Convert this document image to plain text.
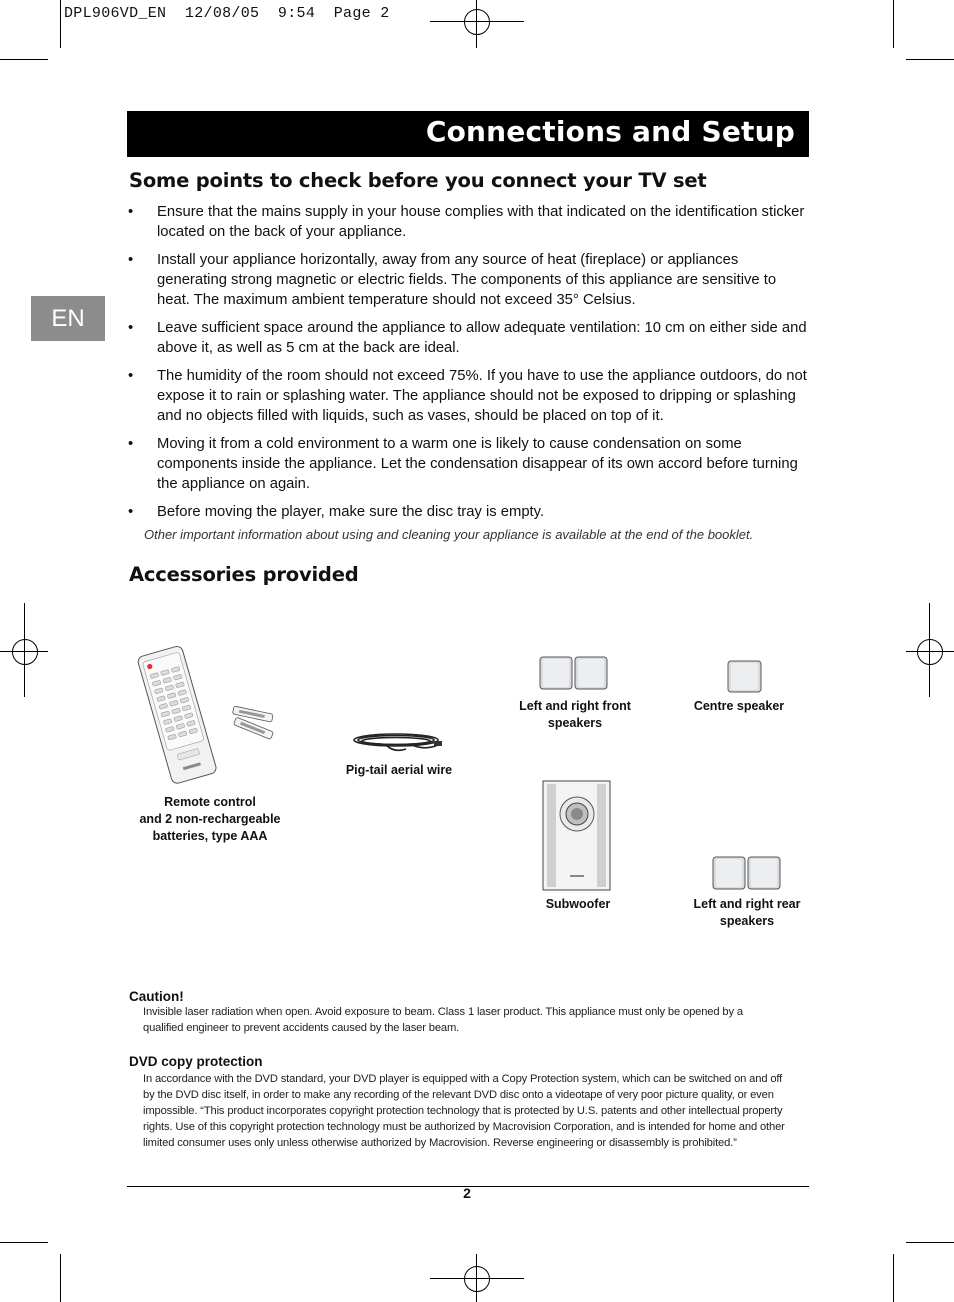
DPL906VD_EN  12/08/05  9:54  Page 2
Connections and Setup
EN
Some points to check before you connect your TV set
• Ensure that the mains supply in your house complies with that indicated on the identification sticker located on the back of your appliance.
• Install your appliance horizontally, away from any source of heat (fireplace) or appliances generating strong magnetic or electric fields. The components of this appliance are sensitive to heat. The maximum ambient temperature should not exceed 35° Celsius.
• Leave sufficient space around the appliance to allow adequate ventilation: 10 cm on either side and above it, as well as 5 cm at the back are ideal.
• The humidity of the room should not exceed 75%. If you have to use the appliance outdoors, do not expose it to rain or splashing water. The appliance should not be exposed to dripping or splashing and no objects filled with liquids, such as vases, should be placed on top of it.
• Moving it from a cold environment to a warm one is likely to cause condensation on some components inside the appliance. Let the condensation disappear of its own accord before turning the appliance on again.
• Before moving the player, make sure the disc tray is empty.
Other important information about using and cleaning your appliance is available at the end of the booklet.
Accessories provided
Remote control
and 2 non-rechargeable
batteries, type AAA
Pig-tail aerial wire
Left and right front
speakers
Centre speaker
Subwoofer	Left and right rear
speakers
Caution!
Invisible laser radiation when open. Avoid exposure to beam. Class 1 laser product. This appliance must only be opened by a qualified engineer to prevent accidents caused by the laser beam.
DVD copy protection
In accordance with the DVD standard, your DVD player is equipped with a Copy Protection system, which can be switched on and off by the DVD disc itself, in order to make any recording of the relevant DVD disc onto a videotape of very poor picture quality, or even impossible. “This product incorporates copyright protection technology that is protected by U.S. patents and other intellectual property rights. Use of this copyright protection technology must be authorized by Macrovision Corporation, and is intended for home and other limited consumer uses only unless otherwise authorized by Macrovision. Reverse engineering or disassembly is prohibited.”
2
